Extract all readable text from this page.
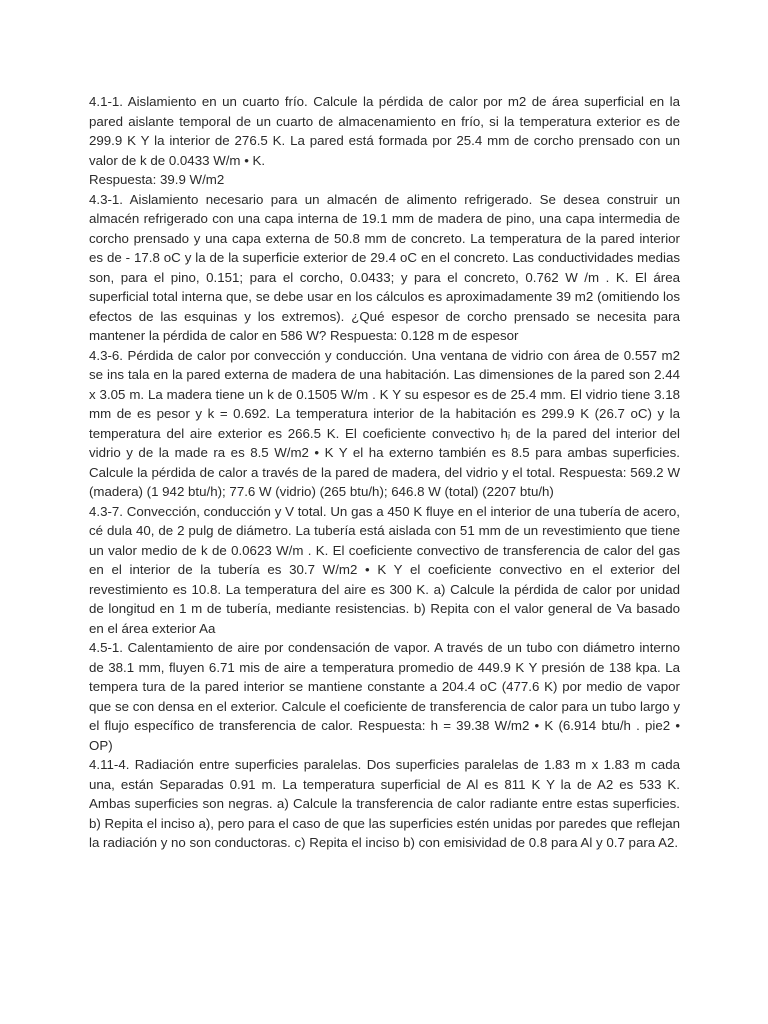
4.1-1. Aislamiento en un cuarto frío. Calcule la pérdida de calor por m2 de área superficial en la pared aislante temporal de un cuarto de almacenamiento en frío, si la temperatura exterior es de 299.9 K Y la interior de 276.5 K. La pared está formada por 25.4 mm de corcho prensado con un valor de k de 0.0433 W/m • K.

Respuesta: 39.9 W/m2

4.3-1. Aislamiento necesario para un almacén de alimento refrigerado. Se desea construir un almacén refrigerado con una capa interna de 19.1 mm de madera de pino, una capa intermedia de corcho prensado y una capa externa de 50.8 mm de concreto. La temperatura de la pared interior es de - 17.8 oC y la de la superficie exterior de 29.4 oC en el concreto. Las conductividades medias son, para el pino, 0.151; para el corcho, 0.0433; y para el concreto, 0.762 W /m . K. El área superficial total interna que, se debe usar en los cálculos es aproximadamente 39 m2 (omitiendo los efectos de las esquinas y los extremos). ¿Qué espesor de corcho prensado se necesita para mantener la pérdida de calor en 586 W? Respuesta: 0.128 m de espesor

4.3-6. Pérdida de calor por convección y conducción. Una ventana de vidrio con área de 0.557 m2 se ins tala en la pared externa de madera de una habitación. Las dimensiones de la pared son 2.44 x 3.05 m. La madera tiene un k de 0.1505 W/m . K Y su espesor es de 25.4 mm. El vidrio tiene 3.18 mm de es pesor y k = 0.692. La temperatura interior de la habitación es 299.9 K (26.7 oC) y la temperatura del aire exterior es 266.5 K. El coeficiente convectivo hⱼ de la pared del interior del vidrio y de la made ra es 8.5 W/m2 • K Y el ha externo también es 8.5 para ambas superficies. Calcule la pérdida de calor a través de la pared de madera, del vidrio y el total. Respuesta: 569.2 W (madera) (1 942 btu/h); 77.6 W (vidrio) (265 btu/h); 646.8 W (total) (2207 btu/h)

4.3-7. Convección, conducción y V total. Un gas a 450 K fluye en el interior de una tubería de acero, cé dula 40, de 2 pulg de diámetro. La tubería está aislada con 51 mm de un revestimiento que tiene un valor medio de k de 0.0623 W/m . K. El coeficiente convectivo de transferencia de calor del gas en el interior de la tubería es 30.7 W/m2 • K Y el coeficiente convectivo en el exterior del revestimiento es 10.8. La temperatura del aire es 300 K. a) Calcule la pérdida de calor por unidad de longitud en 1 m de tubería, mediante resistencias. b) Repita con el valor general de Va basado en el área exterior Aa

4.5-1. Calentamiento de aire por condensación de vapor. A través de un tubo con diámetro interno de 38.1 mm, fluyen 6.71 mis de aire a temperatura promedio de 449.9 K Y presión de 138 kpa. La tempera tura de la pared interior se mantiene constante a 204.4 oC (477.6 K) por medio de vapor que se con densa en el exterior. Calcule el coeficiente de transferencia de calor para un tubo largo y el flujo específico de transferencia de calor. Respuesta: h = 39.38 W/m2 • K (6.914 btu/h . pie2 • OP)

4.11-4. Radiación entre superficies paralelas. Dos superficies paralelas de 1.83 m x 1.83 m cada una, están Separadas 0.91 m. La temperatura superficial de Al es 811 K Y la de A2 es 533 K. Ambas superficies son negras. a) Calcule la transferencia de calor radiante entre estas superficies. b) Repita el inciso a), pero para el caso de que las superficies estén unidas por paredes que reflejan la radiación y no son conductoras. c) Repita el inciso b) con emisividad de 0.8 para Al y 0.7 para A2.
